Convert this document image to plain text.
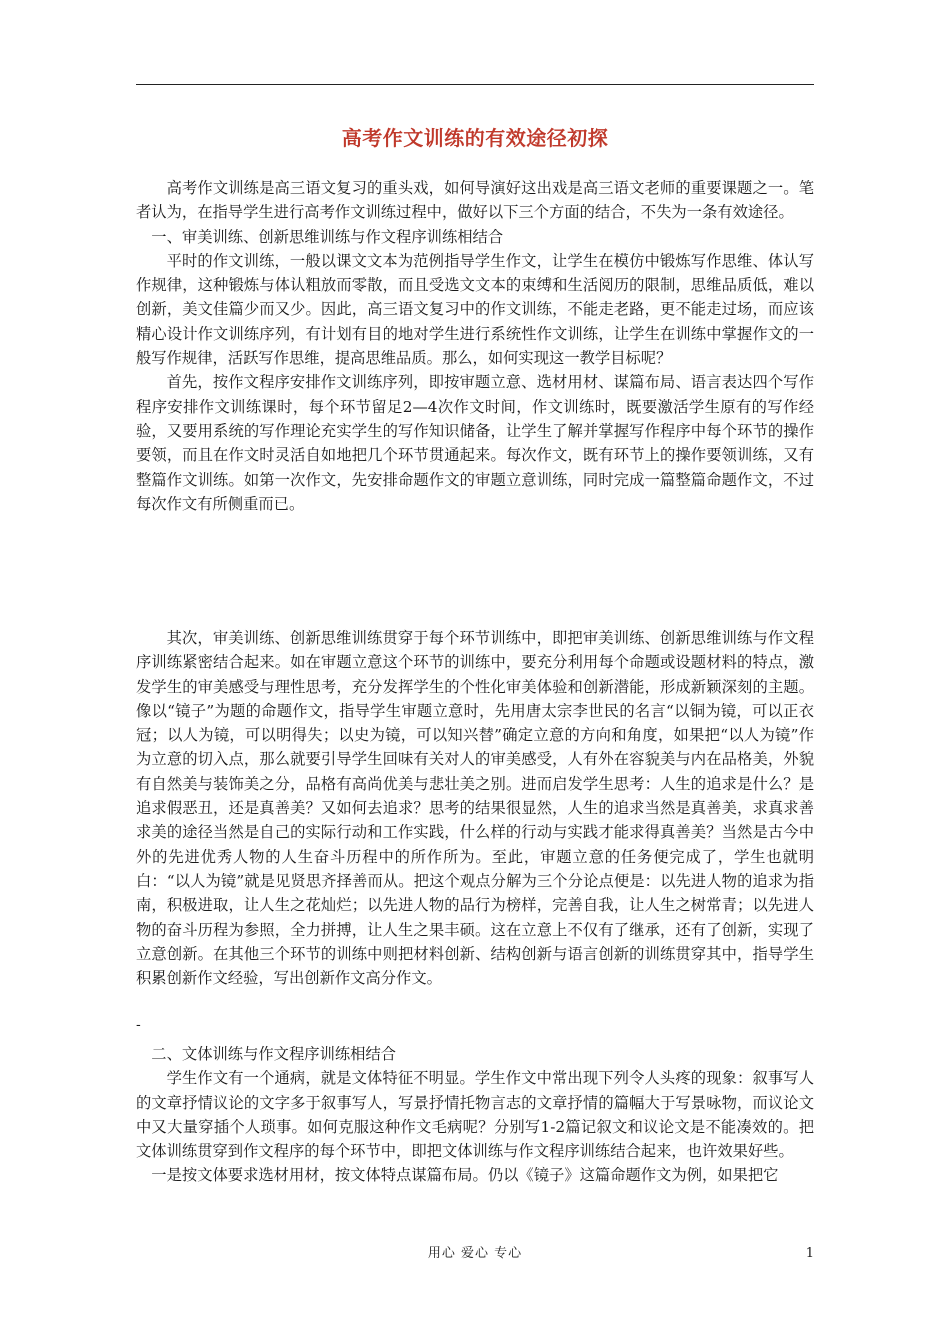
高考作文训练的有效途径初探

高考作文训练是高三语文复习的重头戏，如何导演好这出戏是高三语文老师的重要课题之一。笔者认为，在指导学生进行高考作文训练过程中，做好以下三个方面的结合，不失为一条有效途径。

一、审美训练、创新思维训练与作文程序训练相结合

平时的作文训练，一般以课文文本为范例指导学生作文，让学生在模仿中锻炼写作思维、体认写作规律，这种锻炼与体认粗放而零散，而且受选文文本的束缚和生活阅历的限制，思维品质低，难以创新，美文佳篇少而又少。因此，高三语文复习中的作文训练，不能走老路，更不能走过场，而应该精心设计作文训练序列，有计划有目的地对学生进行系统性作文训练，让学生在训练中掌握作文的一般写作规律，活跃写作思维，提高思维品质。那么，如何实现这一教学目标呢？

首先，按作文程序安排作文训练序列，即按审题立意、选材用材、谋篇布局、语言表达四个写作程序安排作文训练课时，每个环节留足2—4次作文时间，作文训练时，既要激活学生原有的写作经验，又要用系统的写作理论充实学生的写作知识储备，让学生了解并掌握写作程序中每个环节的操作要领，而且在作文时灵活自如地把几个环节贯通起来。每次作文，既有环节上的操作要领训练，又有整篇作文训练。如第一次作文，先安排命题作文的审题立意训练，同时完成一篇整篇命题作文，不过每次作文有所侧重而已。

其次，审美训练、创新思维训练贯穿于每个环节训练中，即把审美训练、创新思维训练与作文程序训练紧密结合起来。如在审题立意这个环节的训练中，要充分利用每个命题或设题材料的特点，激发学生的审美感受与理性思考，充分发挥学生的个性化审美体验和创新潜能，形成新颖深刻的主题。像以“镜子”为题的命题作文，指导学生审题立意时，先用唐太宗李世民的名言“以铜为镜，可以正衣冠；以人为镜，可以明得失；以史为镜，可以知兴替”确定立意的方向和角度，如果把“以人为镜”作为立意的切入点，那么就要引导学生回味有关对人的审美感受，人有外在容貌美与内在品格美，外貌有自然美与装饰美之分，品格有高尚优美与悲壮美之别。进而启发学生思考：人生的追求是什么？是追求假恶丑，还是真善美？又如何去追求？思考的结果很显然，人生的追求当然是真善美，求真求善求美的途径当然是自己的实际行动和工作实践，什么样的行动与实践才能求得真善美？当然是古今中外的先进优秀人物的人生奋斗历程中的所作所为。至此，审题立意的任务便完成了，学生也就明白：“以人为镜”就是见贤思齐择善而从。把这个观点分解为三个分论点便是：以先进人物的追求为指南，积极进取，让人生之花灿烂；以先进人物的品行为榜样，完善自我，让人生之树常青；以先进人物的奋斗历程为参照，全力拼搏，让人生之果丰硕。这在立意上不仅有了继承，还有了创新，实现了立意创新。在其他三个环节的训练中则把材料创新、结构创新与语言创新的训练贯穿其中，指导学生积累创新作文经验，写出创新作文高分作文。

-

二、文体训练与作文程序训练相结合

学生作文有一个通病，就是文体特征不明显。学生作文中常出现下列令人头疼的现象：叙事写人的文章抒情议论的文字多于叙事写人，写景抒情托物言志的文章抒情的篇幅大于写景咏物，而议论文中又大量穿插个人琐事。如何克服这种作文毛病呢？分别写1-2篇记叙文和议论文是不能凑效的。把文体训练贯穿到作文程序的每个环节中，即把文体训练与作文程序训练结合起来，也许效果好些。

一是按文体要求选材用材，按文体特点谋篇布局。仍以《镜子》这篇命题作文为例，如果把它

用心 爱心 专心	1
